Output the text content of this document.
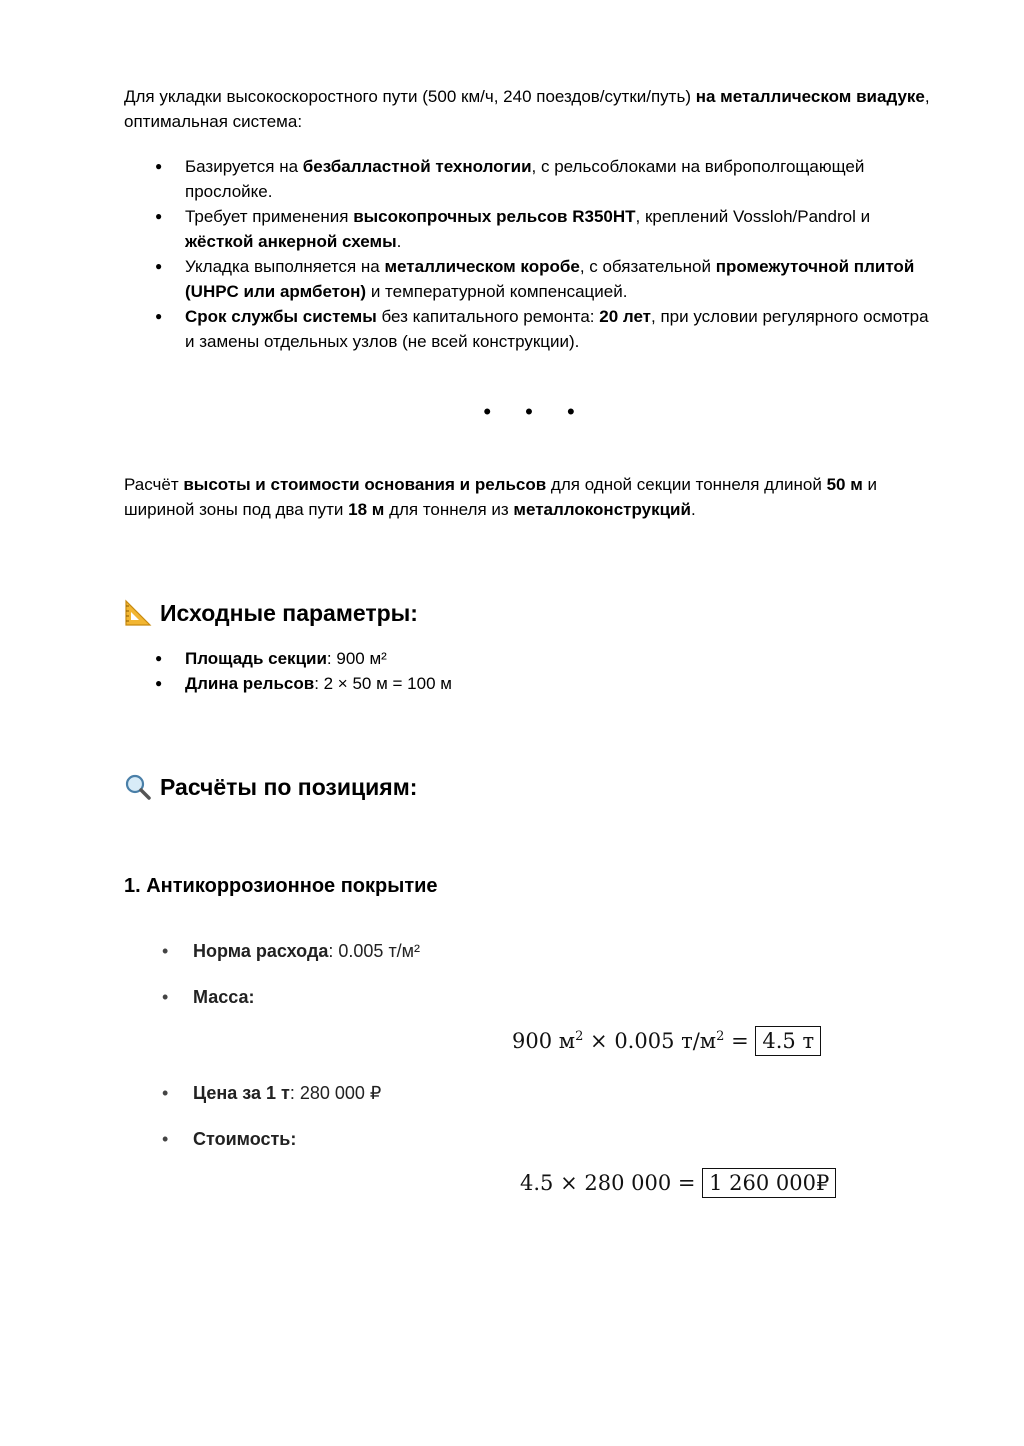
Для укладки высокоскоростного пути (500 км/ч, 240 поездов/сутки/путь) на металлическом виадуке, оптимальная система:

● Базируется на безбалластной технологии, с рельсоблоками на виброполгощающей прослойке.
● Требует применения высокопрочных рельсов R350HT, креплений Vossloh/Pandrol и жёсткой анкерной схемы.
● Укладка выполняется на металлическом коробе, с обязательной промежуточной плитой (UHPC или армбетон) и температурной компенсацией.
● Срок службы системы без капитального ремонта: 20 лет, при условии регулярного осмотра и замены отдельных узлов (не всей конструкции).
• • •

Расчёт высоты и стоимости основания и рельсов для одной секции тоннеля длиной 50 м и шириной зоны под два пути 18 м для тоннеля из металлоконструкций.

Исходные параметры:
● Площадь секции: 900 м²
● Длина рельсов: 2 × 50 м = 100 м
Расчёты по позициям:
1. Антикоррозионное покрытие
• Норма расхода: 0.005 т/м²
• Масса:
900 $м^2 \times 0.005$ $т/м^2 = 4.5$ т
• Цена за 1 т: 280 000 ₽
• Стоимость:
4.5 × 280 000 = 1 260 000₽
